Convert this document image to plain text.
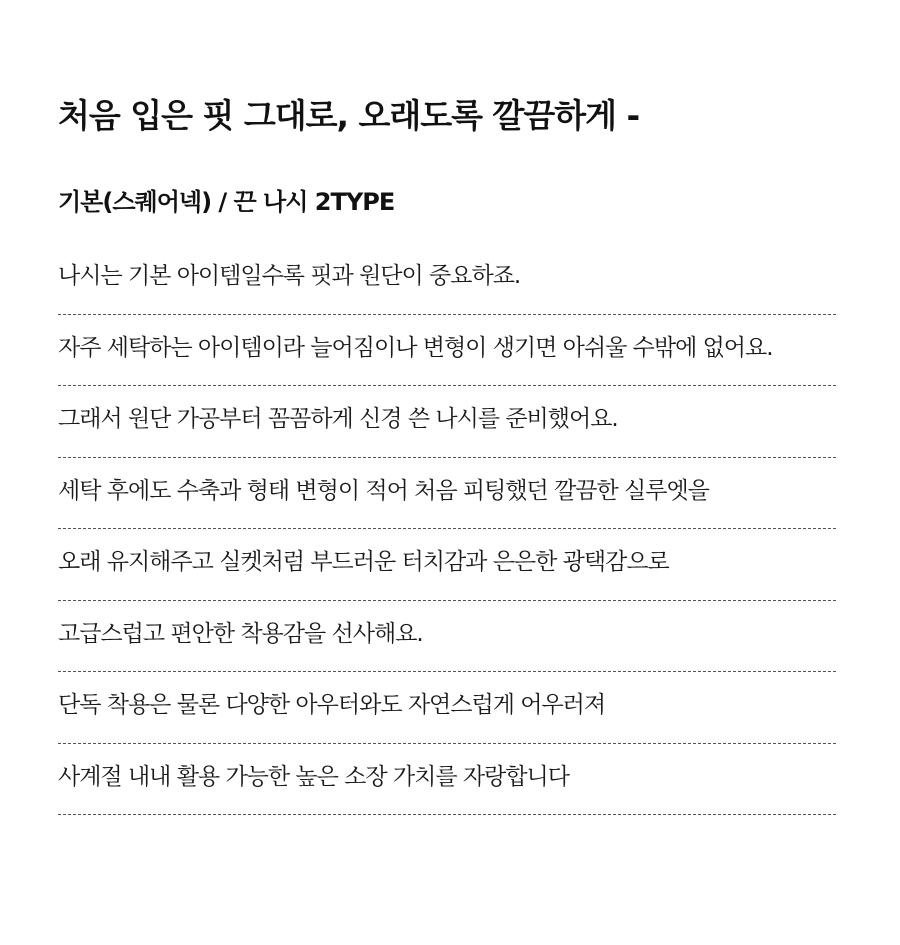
처음 입은 핏 그대로, 오래도록 깔끔하게 -
기본(스퀘어넥) / 끈 나시 2TYPE
나시는 기본 아이템일수록 핏과 원단이 중요하죠.
자주 세탁하는 아이템이라 늘어짐이나 변형이 생기면 아쉬울 수밖에 없어요.
그래서 원단 가공부터 꼼꼼하게 신경 쓴 나시를 준비했어요.
세탁 후에도 수축과 형태 변형이 적어 처음 피팅했던 깔끔한 실루엣을
오래 유지해주고 실켓처럼 부드러운 터치감과 은은한 광택감으로
고급스럽고 편안한 착용감을 선사해요.
단독 착용은 물론 다양한 아우터와도 자연스럽게 어우러져
사계절 내내 활용 가능한 높은 소장 가치를 자랑합니다
